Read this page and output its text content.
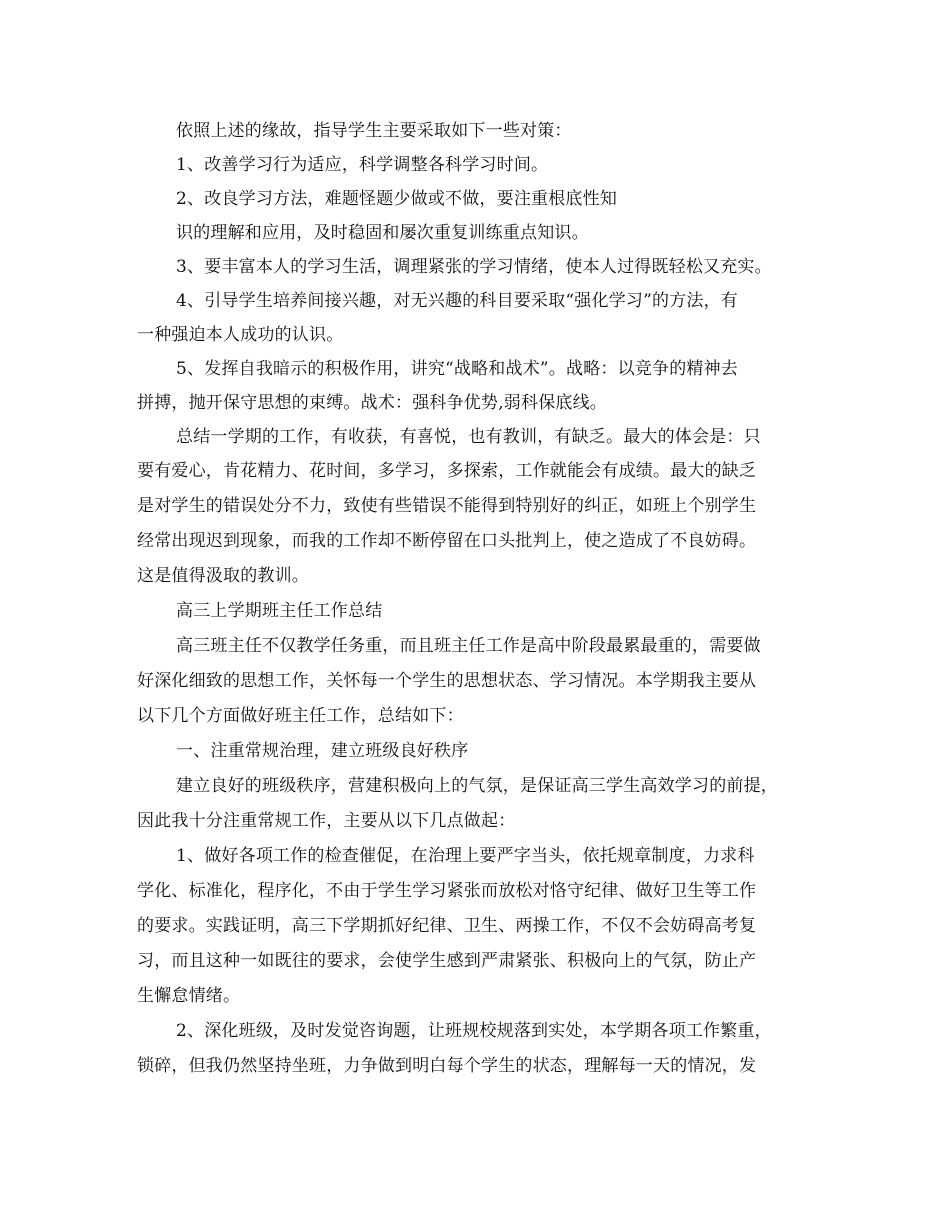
依照上述的缘故，指导学生主要采取如下一些对策：
1、改善学习行为适应，科学调整各科学习时间。
2、改良学习方法，难题怪题少做或不做，要注重根底性知
识的理解和应用，及时稳固和屡次重复训练重点知识。
3、要丰富本人的学习生活，调理紧张的学习情绪，使本人过得既轻松又充实。
4、引导学生培养间接兴趣，对无兴趣的科目要采取“强化学习”的方法，有
一种强迫本人成功的认识。
5、发挥自我暗示的积极作用，讲究“战略和战术”。战略：以竞争的精神去
拼搏，抛开保守思想的束缚。战术：强科争优势,弱科保底线。
总结一学期的工作，有收获，有喜悦，也有教训，有缺乏。最大的体会是：只
要有爱心，肯花精力、花时间，多学习，多探索，工作就能会有成绩。最大的缺乏
是对学生的错误处分不力，致使有些错误不能得到特别好的纠正，如班上个别学生
经常出现迟到现象，而我的工作却不断停留在口头批判上，使之造成了不良妨碍。
这是值得汲取的教训。
高三上学期班主任工作总结
高三班主任不仅教学任务重，而且班主任工作是高中阶段最累最重的，需要做
好深化细致的思想工作，关怀每一个学生的思想状态、学习情况。本学期我主要从
以下几个方面做好班主任工作，总结如下：
一、注重常规治理，建立班级良好秩序
建立良好的班级秩序，营建积极向上的气氛，是保证高三学生高效学习的前提，
因此我十分注重常规工作，主要从以下几点做起：
1、做好各项工作的检查催促，在治理上要严字当头，依托规章制度，力求科
学化、标准化，程序化，不由于学生学习紧张而放松对恪守纪律、做好卫生等工作
的要求。实践证明，高三下学期抓好纪律、卫生、两操工作，不仅不会妨碍高考复
习，而且这种一如既往的要求，会使学生感到严肃紧张、积极向上的气氛，防止产
生懈怠情绪。
2、深化班级，及时发觉咨询题，让班规校规落到实处，本学期各项工作繁重，
锁碎，但我仍然坚持坐班，力争做到明白每个学生的状态，理解每一天的情况，发
